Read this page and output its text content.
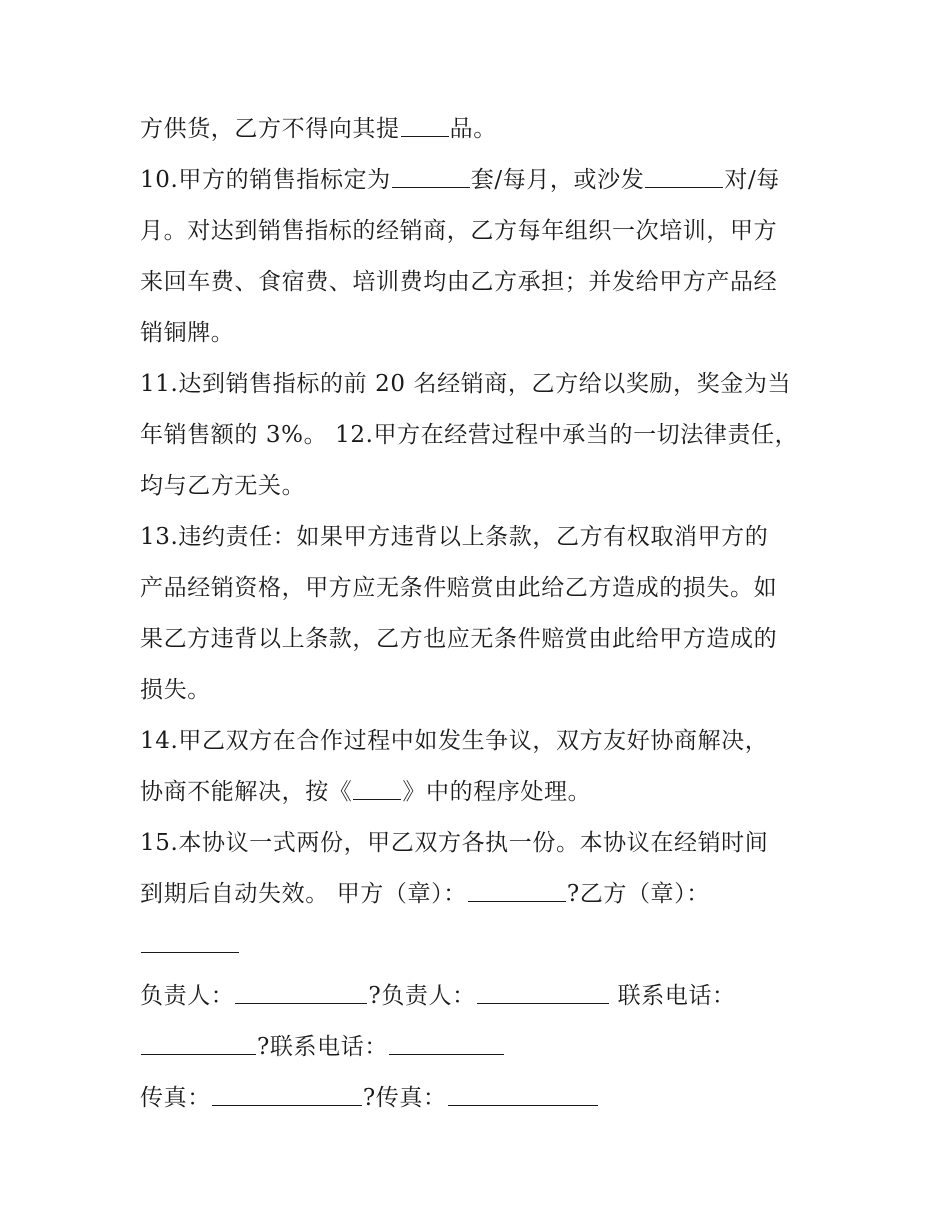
方供货，乙方不得向其提 品。
10.甲方的销售指标定为	套/每月，或沙发	对/每
月。对达到销售指标的经销商，乙方每年组织一次培训，甲方
来回车费、食宿费、培训费均由乙方承担；并发给甲方产品经
销铜牌。
11.达到销售指标的前 20 名经销商，乙方给以奖励，奖金为当
年销售额的 3%。 12.甲方在经营过程中承当的一切法律责任，
均与乙方无关。
13.违约责任：如果甲方违背以上条款，乙方有权取消甲方的
产品经销资格，甲方应无条件赔赏由此给乙方造成的损失。如
果乙方违背以上条款，乙方也应无条件赔赏由此给甲方造成的
损失。
14.甲乙双方在合作过程中如发生争议，双方友好协商解决，
协商不能解决，按《 》中的程序处理。
15.本协议一式两份，甲乙双方各执一份。本协议在经销时间
到期后自动失效。 甲方（章）：	?乙方（章）：
负责人：	?负责人：	联系电话：
?联系电话：
传真：	?传真：
